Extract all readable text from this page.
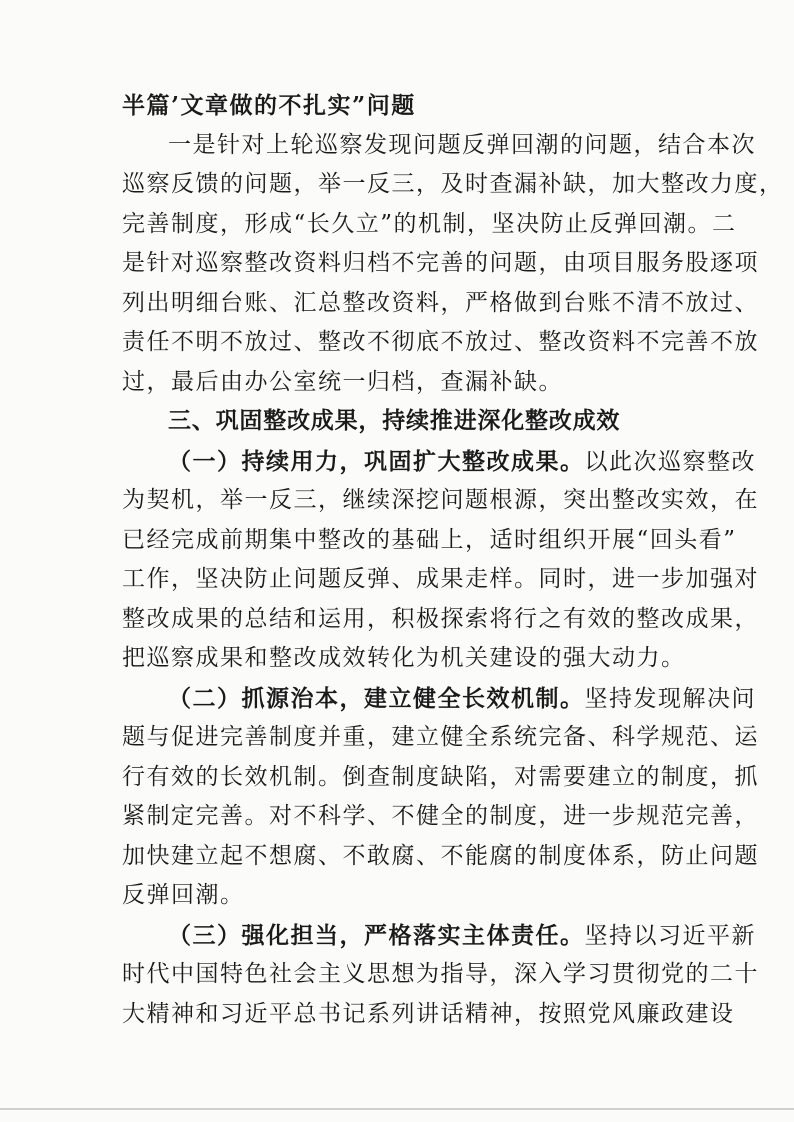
半篇’文章做的不扎实”问题
一是针对上轮巡察发现问题反弹回潮的问题，结合本次
巡察反馈的问题，举一反三，及时查漏补缺，加大整改力度，
完善制度，形成“长久立”的机制，坚决防止反弹回潮。二
是针对巡察整改资料归档不完善的问题，由项目服务股逐项
列出明细台账、汇总整改资料，严格做到台账不清不放过、
责任不明不放过、整改不彻底不放过、整改资料不完善不放
过，最后由办公室统一归档，查漏补缺。
三、巩固整改成果，持续推进深化整改成效
（一）持续用力，巩固扩大整改成果。以此次巡察整改
为契机，举一反三，继续深挖问题根源，突出整改实效，在
已经完成前期集中整改的基础上，适时组织开展“回头看”
工作，坚决防止问题反弹、成果走样。同时，进一步加强对
整改成果的总结和运用，积极探索将行之有效的整改成果，
把巡察成果和整改成效转化为机关建设的强大动力。
（二）抓源治本，建立健全长效机制。坚持发现解决问
题与促进完善制度并重，建立健全系统完备、科学规范、运
行有效的长效机制。倒查制度缺陷，对需要建立的制度，抓
紧制定完善。对不科学、不健全的制度，进一步规范完善，
加快建立起不想腐、不敢腐、不能腐的制度体系，防止问题
反弹回潮。
（三）强化担当，严格落实主体责任。坚持以习近平新
时代中国特色社会主义思想为指导，深入学习贯彻党的二十
大精神和习近平总书记系列讲话精神，按照党风廉政建设
